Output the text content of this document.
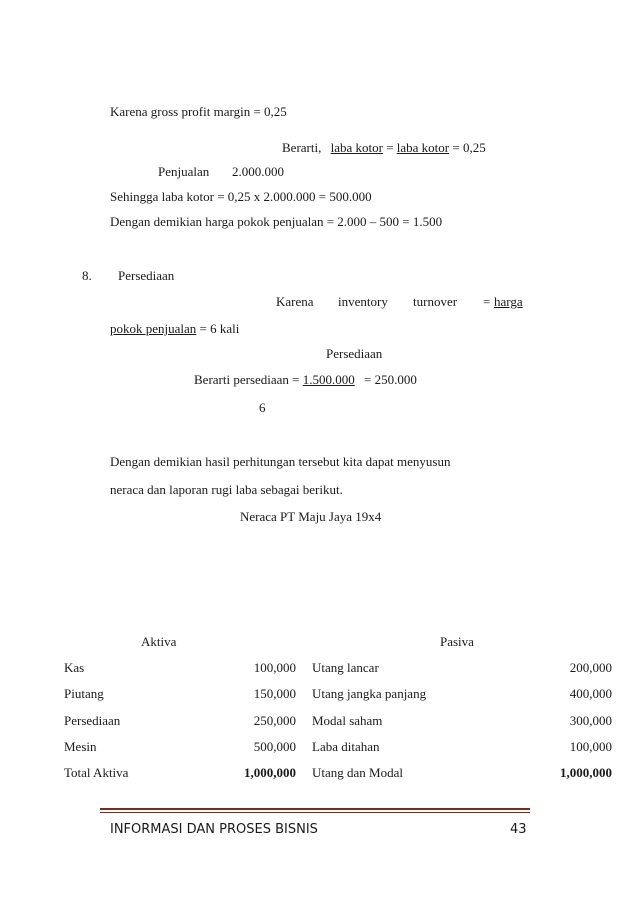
Karena gross profit margin = 0,25
Berarti, laba kotor = laba kotor = 0,25
Penjualan 2.000.000
Sehingga laba kotor = 0,25 x 2.000.000 = 500.000
Dengan demikian harga pokok penjualan = 2.000 – 500 = 1.500
8. Persediaan
Karena inventory turnover = harga
pokok penjualan = 6 kali
Persediaan
Berarti persediaan = 1.500.000 = 250.000
6
Dengan demikian hasil perhitungan tersebut kita dapat menyusun
neraca dan laporan rugi laba sebagai berikut.
Neraca PT Maju Jaya 19x4
Aktiva	Pasiva
Kas	100,000 Utang lancar	200,000
Piutang	150,000 Utang jangka panjang	400,000
Persediaan	250,000 Modal saham	300,000
Mesin	500,000 Laba ditahan	100,000
Total Aktiva	1,000,000 Utang dan Modal	1,000,000
INFORMASI DAN PROSES BISNIS	43
